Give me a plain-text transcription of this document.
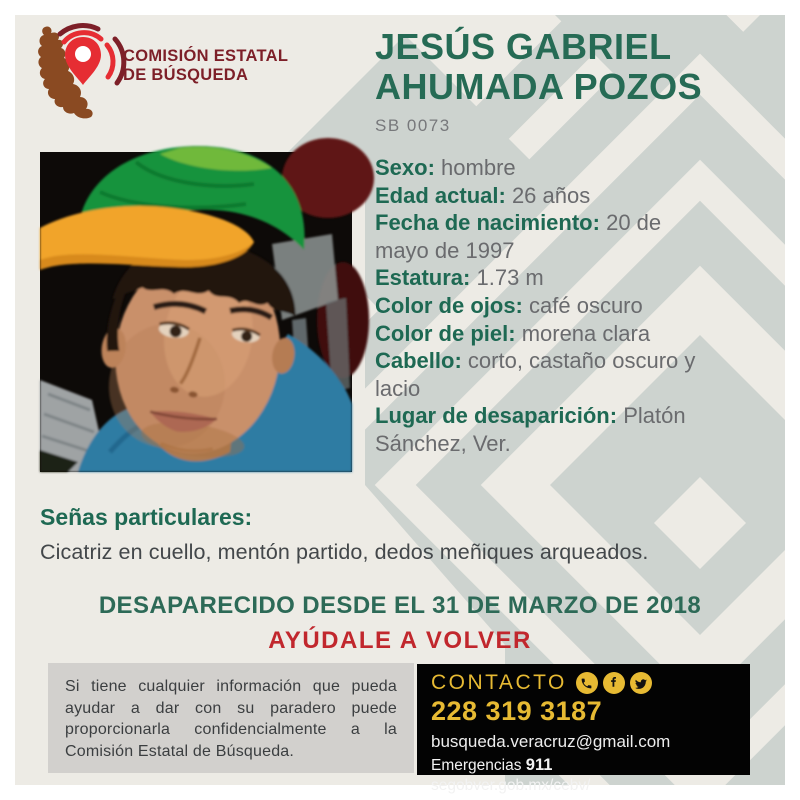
COMISIÓN ESTATAL
DE BÚSQUEDA
JESÚS GABRIEL
AHUMADA POZOS
SB 0073
Sexo: hombre
Edad actual: 26 años
Fecha de nacimiento: 20 de mayo de 1997
Estatura: 1.73 m
Color de ojos: café oscuro
Color de piel: morena clara
Cabello: corto, castaño oscuro y lacio
Lugar de desaparición: Platón Sánchez, Ver.
Señas particulares:
Cicatriz en cuello, mentón partido, dedos meñiques arqueados.
DESAPARECIDO DESDE EL 31 DE MARZO DE 2018
AYÚDALE A VOLVER
Si tiene cualquier información que pueda ayudar a dar con su paradero puede proporcionarla confidencialmente a la Comisión Estatal de Búsqueda.
CONTACTO
228 319 3187
busqueda.veracruz@gmail.com
Emergencias 911
segobver.gob.mx/cebv/
